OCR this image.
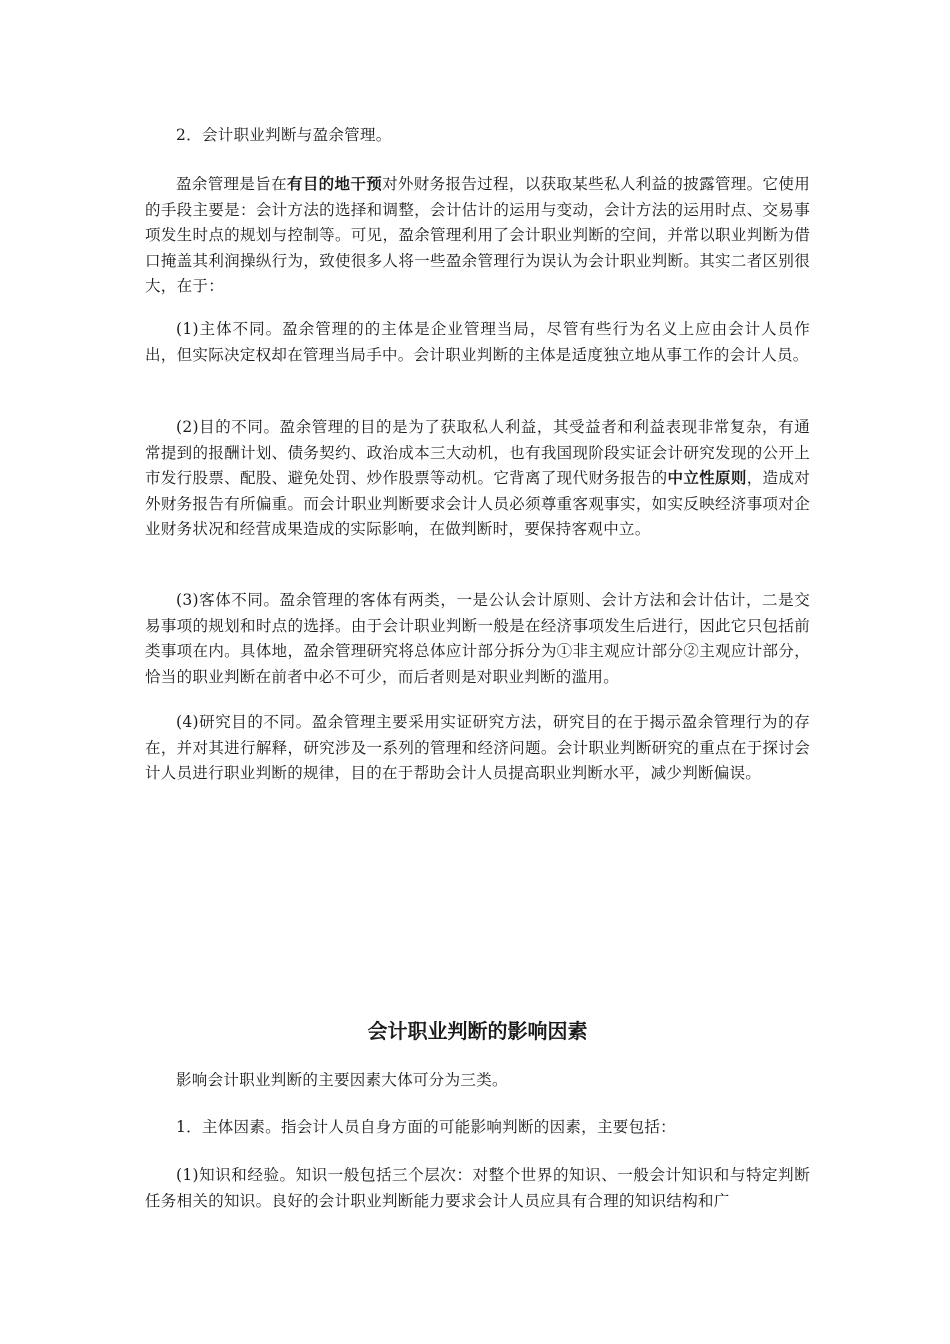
2．会计职业判断与盈余管理。

盈余管理是旨在有目的地干预对外财务报告过程，以获取某些私人利益的披露管理。它使用的手段主要是：会计方法的选择和调整，会计估计的运用与变动，会计方法的运用时点、交易事项发生时点的规划与控制等。可见，盈余管理利用了会计职业判断的空间，并常以职业判断为借口掩盖其利润操纵行为，致使很多人将一些盈余管理行为误认为会计职业判断。其实二者区别很大，在于：

(1)主体不同。盈余管理的的主体是企业管理当局，尽管有些行为名义上应由会计人员作出，但实际决定权却在管理当局手中。会计职业判断的主体是适度独立地从事工作的会计人员。

(2)目的不同。盈余管理的目的是为了获取私人利益，其受益者和利益表现非常复杂，有通常提到的报酬计划、债务契约、政治成本三大动机，也有我国现阶段实证会计研究发现的公开上市发行股票、配股、避免处罚、炒作股票等动机。它背离了现代财务报告的中立性原则，造成对外财务报告有所偏重。而会计职业判断要求会计人员必须尊重客观事实，如实反映经济事项对企业财务状况和经营成果造成的实际影响，在做判断时，要保持客观中立。

(3)客体不同。盈余管理的客体有两类，一是公认会计原则、会计方法和会计估计，二是交易事项的规划和时点的选择。由于会计职业判断一般是在经济事项发生后进行，因此它只包括前类事项在内。具体地，盈余管理研究将总体应计部分拆分为①非主观应计部分②主观应计部分，恰当的职业判断在前者中必不可少，而后者则是对职业判断的滥用。

(4)研究目的不同。盈余管理主要采用实证研究方法，研究目的在于揭示盈余管理行为的存在，并对其进行解释，研究涉及一系列的管理和经济问题。会计职业判断研究的重点在于探讨会计人员进行职业判断的规律，目的在于帮助会计人员提高职业判断水平，减少判断偏误。

会计职业判断的影响因素

影响会计职业判断的主要因素大体可分为三类。

1．主体因素。指会计人员自身方面的可能影响判断的因素，主要包括：

(1)知识和经验。知识一般包括三个层次：对整个世界的知识、一般会计知识和与特定判断任务相关的知识。良好的会计职业判断能力要求会计人员应具有合理的知识结构和广
